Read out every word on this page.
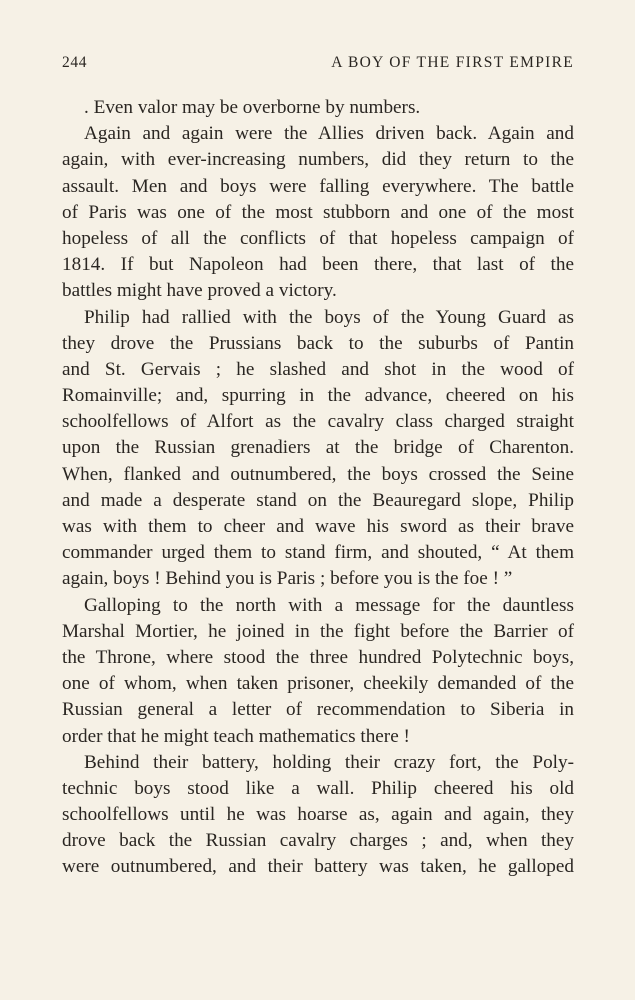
244	A BOY OF THE FIRST EMPIRE
. Even valor may be overborne by numbers.
Again and again were the Allies driven back. Again and
again, with ever-increasing numbers, did they return to the
assault. Men and boys were falling everywhere. The battle
of Paris was one of the most stubborn and one of the most
hopeless of all the conflicts of that hopeless campaign of
1814. If but Napoleon had been there, that last of the
battles might have proved a victory.
Philip had rallied with the boys of the Young Guard as
they drove the Prussians back to the suburbs of Pantin
and St. Gervais ; he slashed and shot in the wood of
Romainville; and, spurring in the advance, cheered on his
schoolfellows of Alfort as the cavalry class charged straight
upon the Russian grenadiers at the bridge of Charenton.
When, flanked and outnumbered, the boys crossed the Seine
and made a desperate stand on the Beauregard slope, Philip
was with them to cheer and wave his sword as their brave
commander urged them to stand firm, and shouted, “ At them
again, boys ! Behind you is Paris ; before you is the foe ! ”
Galloping to the north with a message for the dauntless
Marshal Mortier, he joined in the fight before the Barrier of
the Throne, where stood the three hundred Polytechnic boys,
one of whom, when taken prisoner, cheekily demanded of the
Russian general a letter of recommendation to Siberia in
order that he might teach mathematics there !
Behind their battery, holding their crazy fort, the Poly-
technic boys stood like a wall. Philip cheered his old
schoolfellows until he was hoarse as, again and again, they
drove back the Russian cavalry charges ; and, when they
were outnumbered, and their battery was taken, he galloped
